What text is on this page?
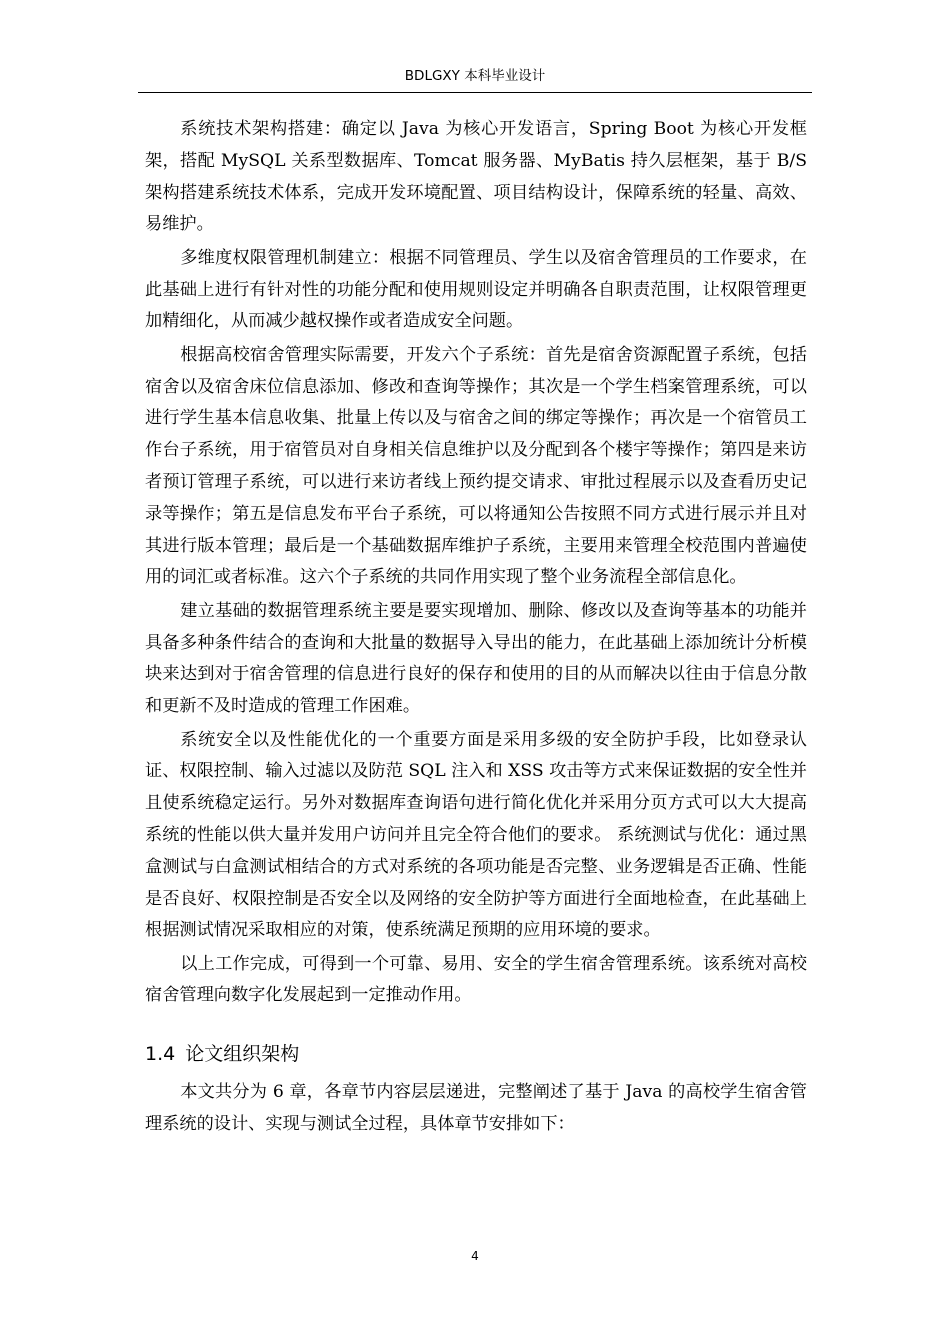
BDLGXY 本科毕业设计

系统技术架构搭建：确定以 Java 为核心开发语言，Spring Boot 为核心开发框架，搭配 MySQL 关系型数据库、Tomcat 服务器、MyBatis 持久层框架，基于 B/S 架构搭建系统技术体系，完成开发环境配置、项目结构设计，保障系统的轻量、高效、易维护。

多维度权限管理机制建立：根据不同管理员、学生以及宿舍管理员的工作要求，在此基础上进行有针对性的功能分配和使用规则设定并明确各自职责范围，让权限管理更加精细化，从而减少越权操作或者造成安全问题。

根据高校宿舍管理实际需要，开发六个子系统：首先是宿舍资源配置子系统，包括宿舍以及宿舍床位信息添加、修改和查询等操作；其次是一个学生档案管理系统，可以进行学生基本信息收集、批量上传以及与宿舍之间的绑定等操作；再次是一个宿管员工作台子系统，用于宿管员对自身相关信息维护以及分配到各个楼宇等操作；第四是来访者预订管理子系统，可以进行来访者线上预约提交请求、审批过程展示以及查看历史记录等操作；第五是信息发布平台子系统，可以将通知公告按照不同方式进行展示并且对其进行版本管理；最后是一个基础数据库维护子系统，主要用来管理全校范围内普遍使用的词汇或者标准。这六个子系统的共同作用实现了整个业务流程全部信息化。

建立基础的数据管理系统主要是要实现增加、删除、修改以及查询等基本的功能并具备多种条件结合的查询和大批量的数据导入导出的能力，在此基础上添加统计分析模块来达到对于宿舍管理的信息进行良好的保存和使用的目的从而解决以往由于信息分散和更新不及时造成的管理工作困难。

系统安全以及性能优化的一个重要方面是采用多级的安全防护手段，比如登录认证、权限控制、输入过滤以及防范 SQL 注入和 XSS 攻击等方式来保证数据的安全性并且使系统稳定运行。另外对数据库查询语句进行简化优化并采用分页方式可以大大提高系统的性能以供大量并发用户访问并且完全符合他们的要求。 系统测试与优化：通过黑盒测试与白盒测试相结合的方式对系统的各项功能是否完整、业务逻辑是否正确、性能是否良好、权限控制是否安全以及网络的安全防护等方面进行全面地检查，在此基础上根据测试情况采取相应的对策，使系统满足预期的应用环境的要求。

以上工作完成，可得到一个可靠、易用、安全的学生宿舍管理系统。该系统对高校宿舍管理向数字化发展起到一定推动作用。

1.4 论文组织架构

本文共分为 6 章，各章节内容层层递进，完整阐述了基于 Java 的高校学生宿舍管理系统的设计、实现与测试全过程，具体章节安排如下：

4
